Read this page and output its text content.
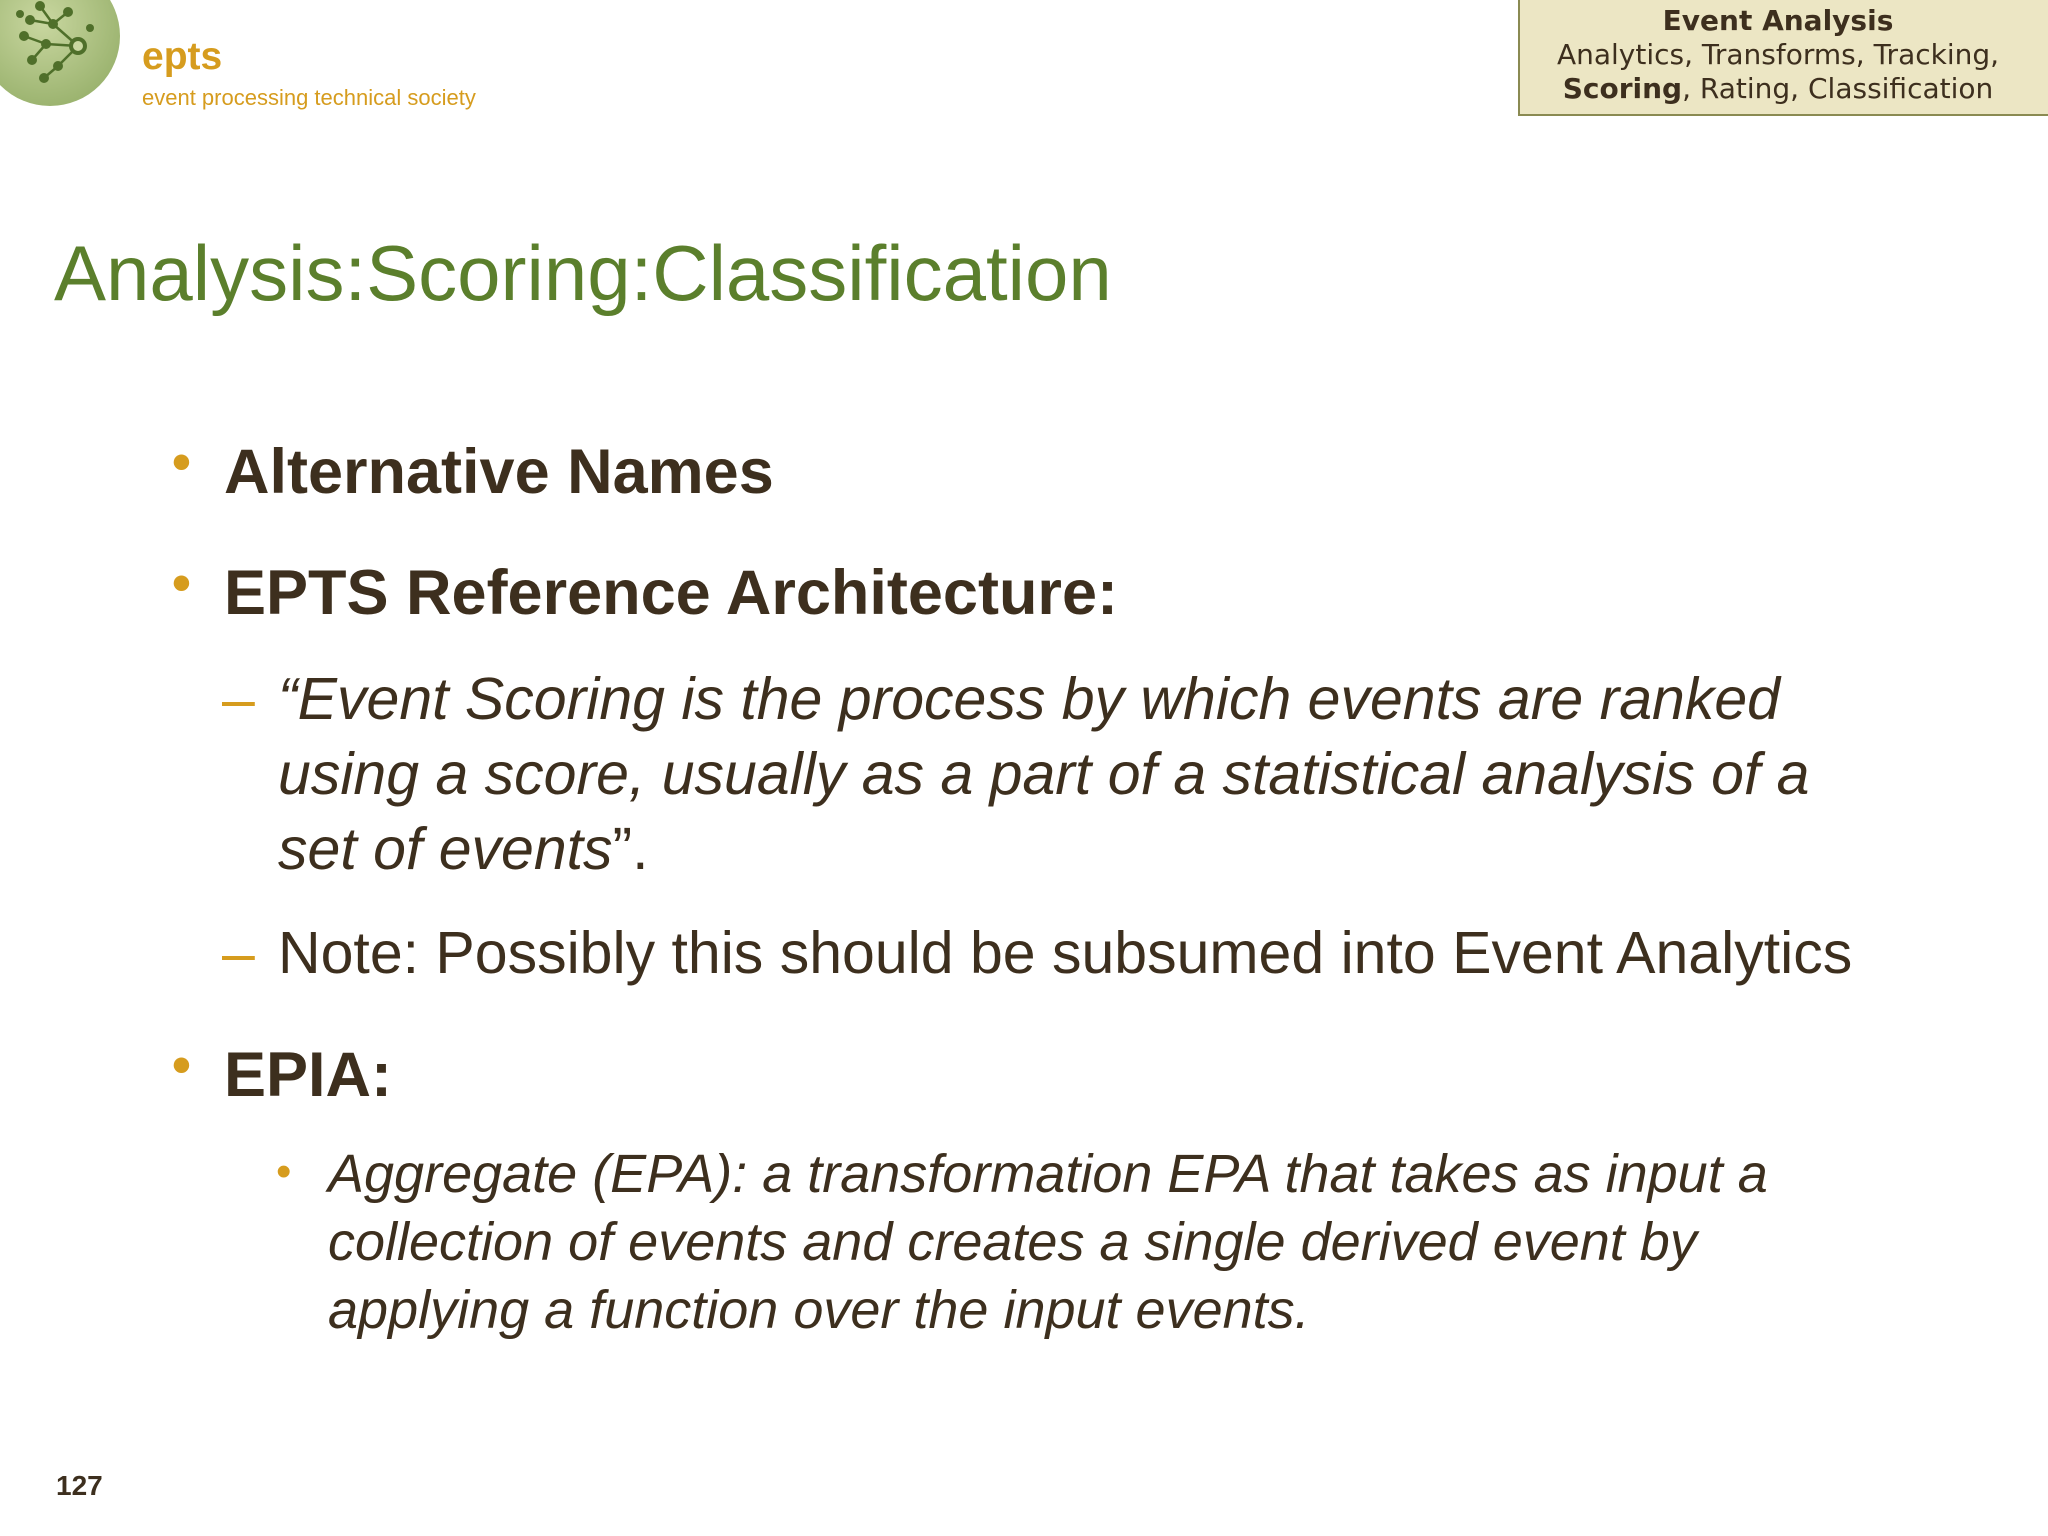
epts
event processing technical society
Event Analysis
Analytics, Transforms, Tracking,
Scoring, Rating, Classification
Analysis:Scoring:Classification
• Alternative Names
• EPTS Reference Architecture:
– “Event Scoring is the process by which events are ranked
using a score, usually as a part of a statistical analysis of a
set of events”.
– Note: Possibly this should be subsumed into Event Analytics
• EPIA:
• Aggregate (EPA): a transformation EPA that takes as input a
collection of events and creates a single derived event by
applying a function over the input events.
127
